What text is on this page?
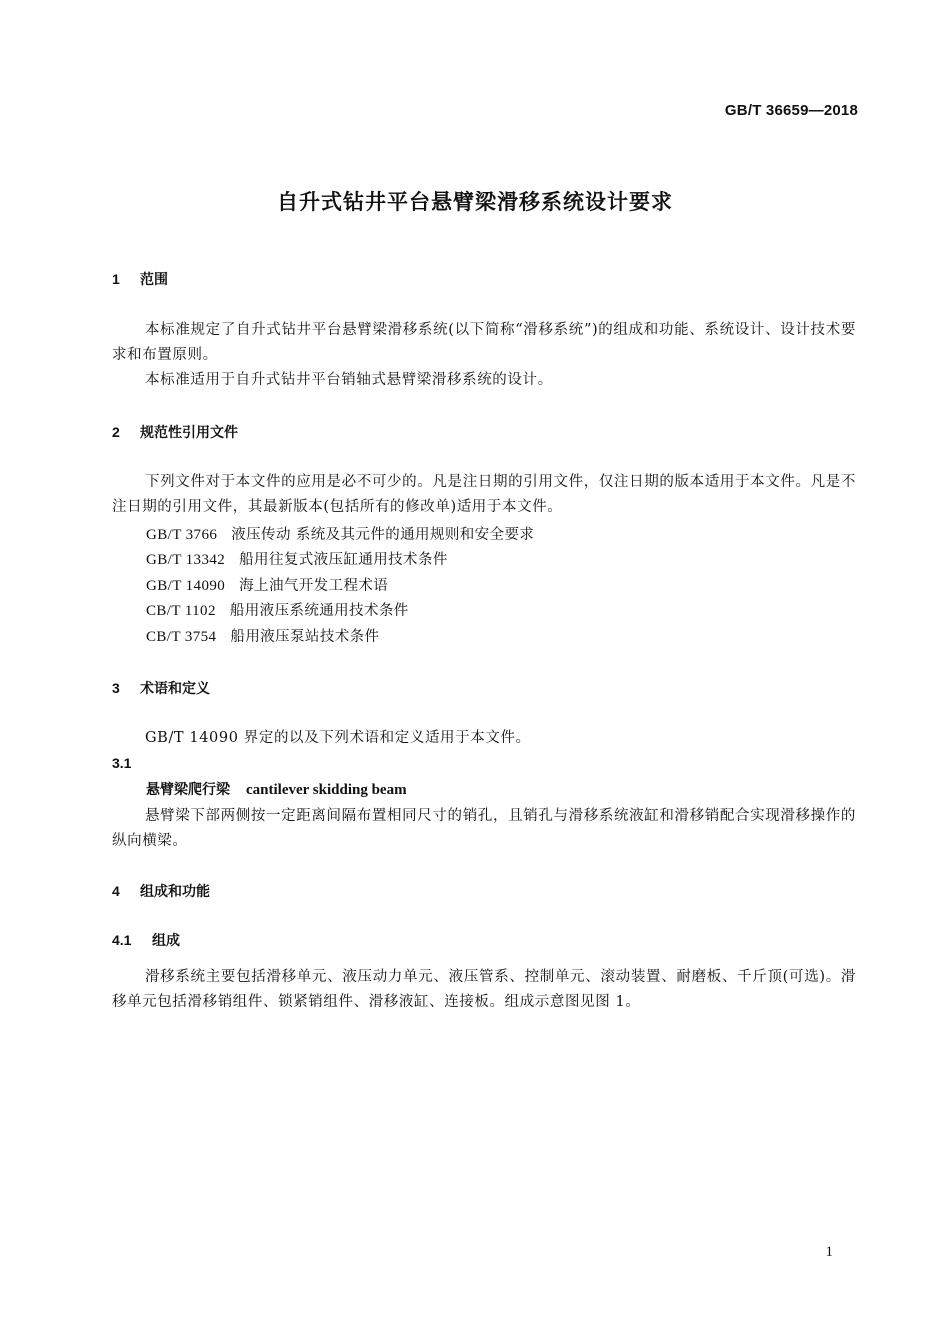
GB/T 36659—2018
自升式钻井平台悬臂梁滑移系统设计要求
1 范围

本标准规定了自升式钻井平台悬臂梁滑移系统(以下简称“滑移系统”)的组成和功能、系统设计、设计技术要求和布置原则。

本标准适用于自升式钻井平台销轴式悬臂梁滑移系统的设计。

2 规范性引用文件

下列文件对于本文件的应用是必不可少的。凡是注日期的引用文件，仅注日期的版本适用于本文件。凡是不注日期的引用文件，其最新版本(包括所有的修改单)适用于本文件。

GB/T 3766 液压传动 系统及其元件的通用规则和安全要求
GB/T 13342 船用往复式液压缸通用技术条件
GB/T 14090 海上油气开发工程术语
CB/T 1102 船用液压系统通用技术条件
CB/T 3754 船用液压泵站技术条件
3 术语和定义

GB/T 14090 界定的以及下列术语和定义适用于本文件。

3.1
悬臂梁爬行梁 cantilever skidding beam

悬臂梁下部两侧按一定距离间隔布置相同尺寸的销孔，且销孔与滑移系统液缸和滑移销配合实现滑移操作的纵向横梁。

4 组成和功能
4.1 组成

滑移系统主要包括滑移单元、液压动力单元、液压管系、控制单元、滚动装置、耐磨板、千斤顶(可选)。滑移单元包括滑移销组件、锁紧销组件、滑移液缸、连接板。组成示意图见图 1。

1
